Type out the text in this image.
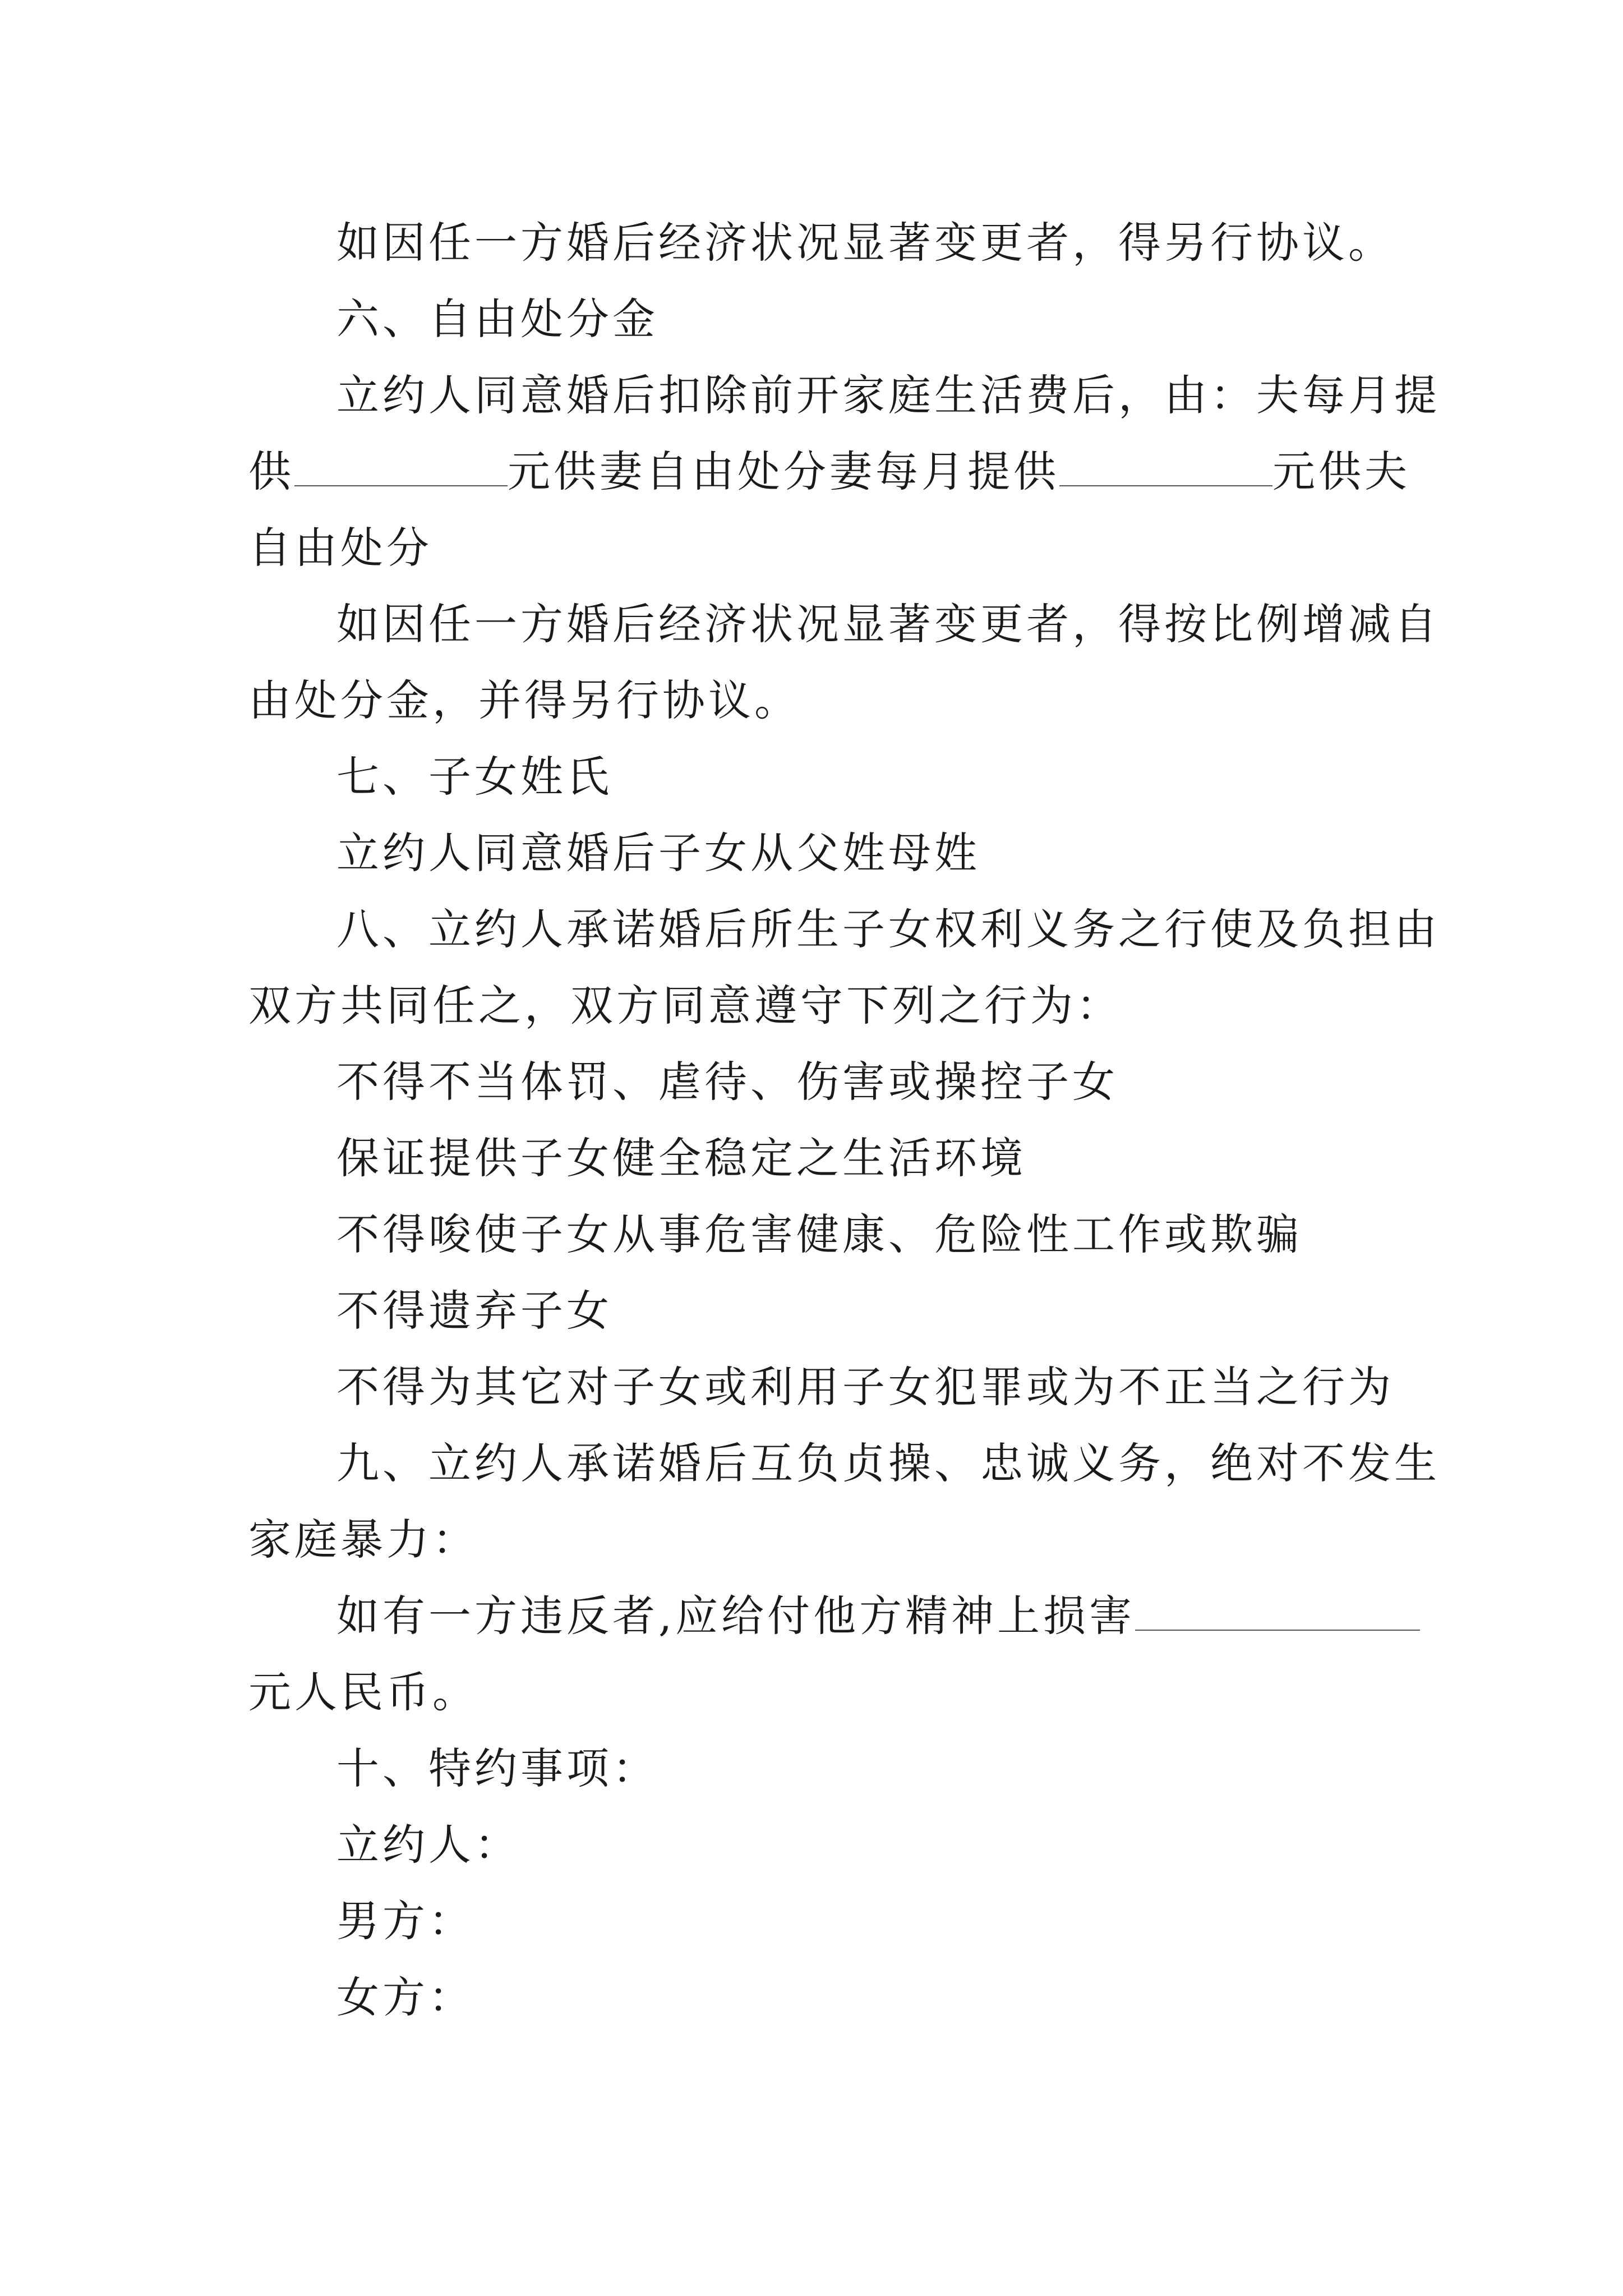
如因任一方婚后经济状况显著变更者，得另行协议。

六、自由处分金

立约人同意婚后扣除前开家庭生活费后，由：夫每月提

供	元供妻自由处分妻每月提供	元供夫

自由处分

如因任一方婚后经济状况显著变更者，得按比例增减自

由处分金，并得另行协议。

七、子女姓氏

立约人同意婚后子女从父姓母姓

八、立约人承诺婚后所生子女权利义务之行使及负担由

双方共同任之，双方同意遵守下列之行为：

不得不当体罚、虐待、伤害或操控子女

保证提供子女健全稳定之生活环境

不得唆使子女从事危害健康、危险性工作或欺骗

不得遗弃子女

不得为其它对子女或利用子女犯罪或为不正当之行为

九、立约人承诺婚后互负贞操、忠诚义务，绝对不发生

家庭暴力：

如有一方违反者,应给付他方精神上损害

元人民币。

十、特约事项：

立约人：

男方：

女方：
